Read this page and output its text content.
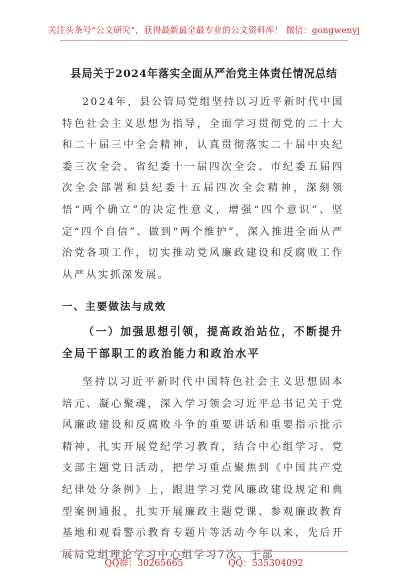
关注头条号“公文研究”，获得最新最全最专业的公文资料库！ 微信：gongwenyj
县局关于2024年落实全面从严治党主体责任情况总结

2024年，县公管局党组坚持以习近平新时代中国特色社会主义思想为指导，全面学习贯彻党的二十大和二十届三中全会精神，认真贯彻落实二十届中央纪委三次全会、省纪委十一届四次全会、市纪委五届四次全会部署和县纪委十五届四次全会精神，深刻领悟“两个确立”的决定性意义，增强“四个意识”、坚定“四个自信”、做到“两个维护”，深入推进全面从严治党各项工作，切实推动党风廉政建设和反腐败工作从严从实抓深发展。

一、主要做法与成效

（一）加强思想引领，提高政治站位，不断提升全局干部职工的政治能力和政治水平

坚持以习近平新时代中国特色社会主义思想固本培元、凝心聚魂，深入学习领会习近平总书记关于党风廉政建设和反腐败斗争的重要讲话和重要指示批示精神，扎实开展党纪学习教育，结合中心组学习、党支部主题党日活动，把学习重点聚焦到《中国共产党纪律处分条例》上，跟进学习党风廉政建设规定和典型案例通报，扎实开展廉政主题党课、参观廉政教育基地和观看警示教育专题片等活动今年以来，先后开展局党组理论学习中心组学习7次、干部

QQ群：30265665	QQ：535304092
